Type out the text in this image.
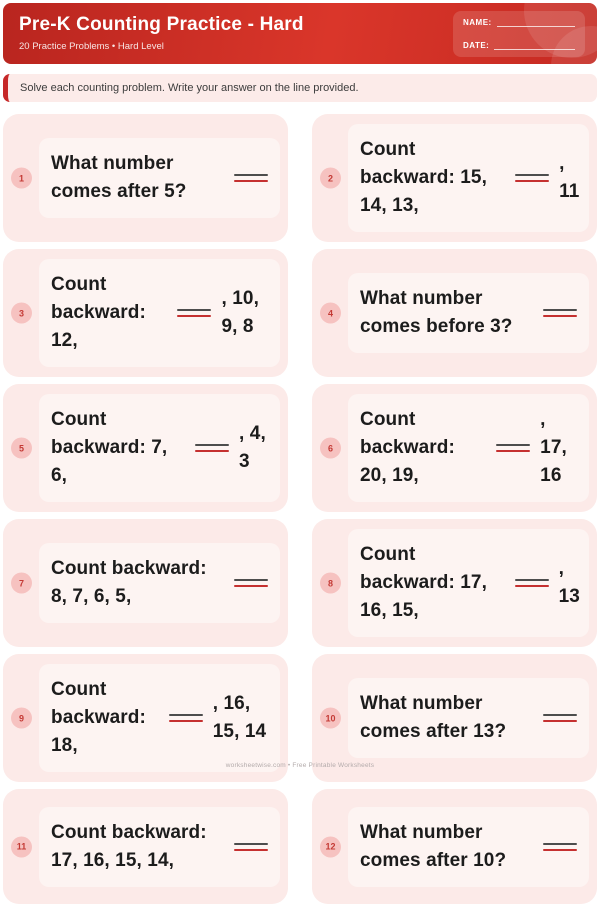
Pre-K Counting Practice - Hard
20 Practice Problems • Hard Level
NAME:
DATE:
Solve each counting problem. Write your answer on the line provided.
1
What number comes after 5?
2
Count backward: 15, 14, 13,
, 11
3
Count backward: 12,
, 10, 9, 8
4
What number comes before 3?
5
Count backward: 7, 6,
, 4, 3
6
Count backward: 20, 19,
, 17, 16
7
Count backward: 8, 7, 6, 5,
8
Count backward: 17, 16, 15,
, 13
9
Count backward: 18,
, 16, 15, 14
10
What number comes after 13?
11
Count backward: 17, 16, 15, 14,
12
What number comes after 10?
worksheetwise.com • Free Printable Worksheets
